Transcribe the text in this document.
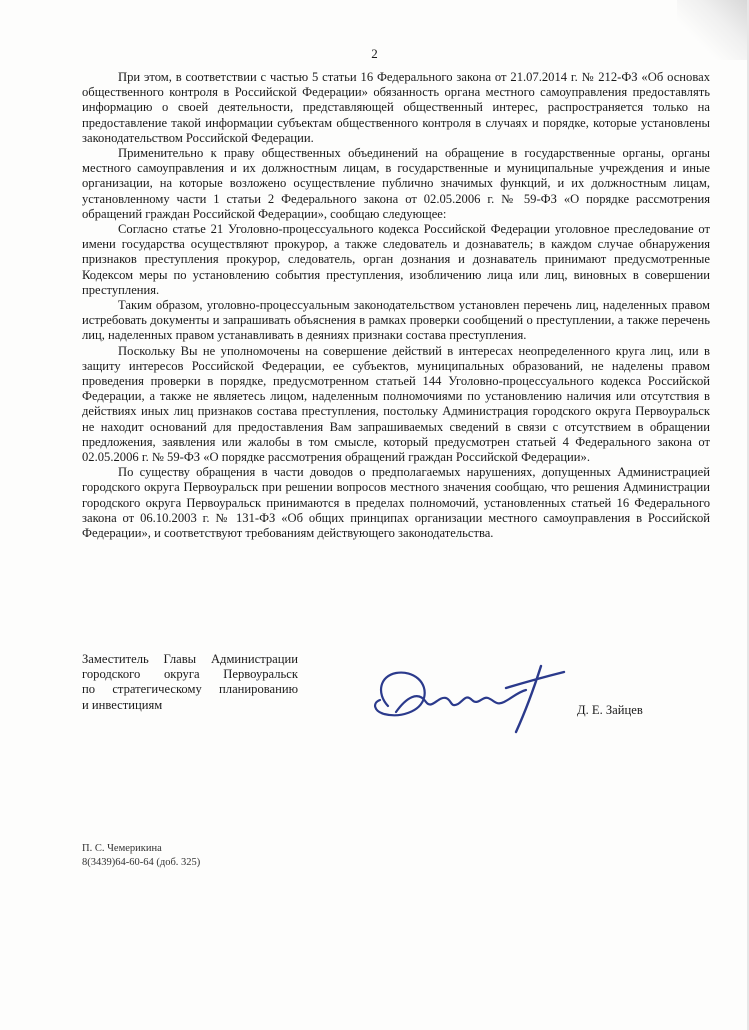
2

При этом, в соответствии с частью 5 статьи 16 Федерального закона от 21.07.2014 г. № 212-ФЗ «Об основах общественного контроля в Российской Федерации» обязанность органа местного самоуправления предоставлять информацию о своей деятельности, представляющей общественный интерес, распространяется только на предоставление такой информации субъектам общественного контроля в случаях и порядке, которые установлены законодательством Российской Федерации.

Применительно к праву общественных объединений на обращение в государственные органы, органы местного самоуправления и их должностным лицам, в государственные и муниципальные учреждения и иные организации, на которые возложено осуществление публично значимых функций, и их должностным лицам, установленному части 1 статьи 2 Федерального закона от 02.05.2006 г. № 59-ФЗ «О порядке рассмотрения обращений граждан Российской Федерации», сообщаю следующее:

Согласно статье 21 Уголовно-процессуального кодекса Российской Федерации уголовное преследование от имени государства осуществляют прокурор, а также следователь и дознаватель; в каждом случае обнаружения признаков преступления прокурор, следователь, орган дознания и дознаватель принимают предусмотренные Кодексом меры по установлению события преступления, изобличению лица или лиц, виновных в совершении преступления.

Таким образом, уголовно-процессуальным законодательством установлен перечень лиц, наделенных правом истребовать документы и запрашивать объяснения в рамках проверки сообщений о преступлении, а также перечень лиц, наделенных правом устанавливать в деяниях признаки состава преступления.

Поскольку Вы не уполномочены на совершение действий в интересах неопределенного круга лиц, или в защиту интересов Российской Федерации, ее субъектов, муниципальных образований, не наделены правом проведения проверки в порядке, предусмотренном статьей 144 Уголовно-процессуального кодекса Российской Федерации, а также не являетесь лицом, наделенным полномочиями по установлению наличия или отсутствия в действиях иных лиц признаков состава преступления, постольку Администрация городского округа Первоуральск не находит оснований для предоставления Вам запрашиваемых сведений в связи с отсутствием в обращении предложения, заявления или жалобы в том смысле, который предусмотрен статьей 4 Федерального закона от 02.05.2006 г. № 59-ФЗ «О порядке рассмотрения обращений граждан Российской Федерации».

По существу обращения в части доводов о предполагаемых нарушениях, допущенных Администрацией городского округа Первоуральск при решении вопросов местного значения сообщаю, что решения Администрации городского округа Первоуральск принимаются в пределах полномочий, установленных статьей 16 Федерального закона от 06.10.2003 г. № 131-ФЗ «Об общих принципах организации местного самоуправления в Российской Федерации», и соответствуют требованиям действующего законодательства.

Заместитель Главы Администрации
городского округа Первоуральск
по стратегическому планированию
и инвестициям	Д. Е. Зайцев
П. С. Чемерикина
8(3439)64-60-64 (доб. 325)
